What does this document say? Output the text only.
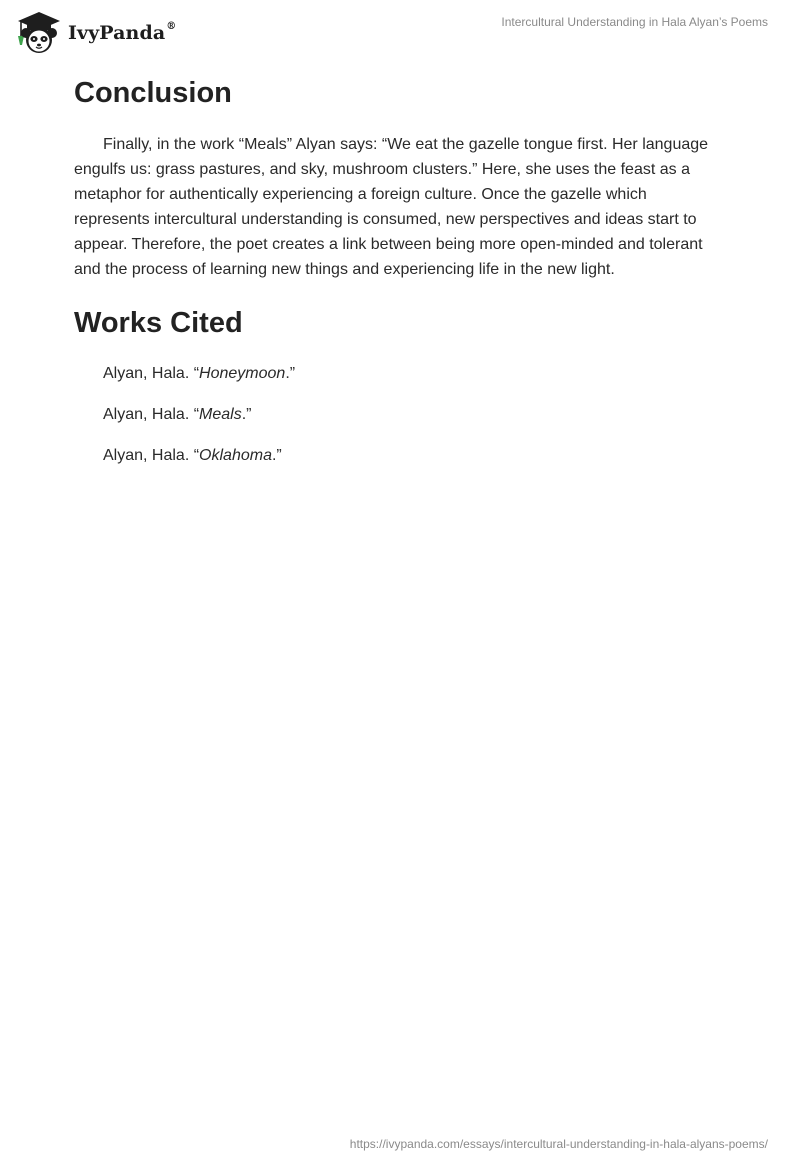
IvyPanda®	Intercultural Understanding in Hala Alyan’s Poems
Conclusion

Finally, in the work “Meals” Alyan says: “We eat the gazelle tongue first. Her language engulfs us: grass pastures, and sky, mushroom clusters.” Here, she uses the feast as a metaphor for authentically experiencing a foreign culture. Once the gazelle which represents intercultural understanding is consumed, new perspectives and ideas start to appear. Therefore, the poet creates a link between being more open-minded and tolerant and the process of learning new things and experiencing life in the new light.

Works Cited
Alyan, Hala. “Honeymoon.”
Alyan, Hala. “Meals.”
Alyan, Hala. “Oklahoma.”
https://ivypanda.com/essays/intercultural-understanding-in-hala-alyans-poems/
